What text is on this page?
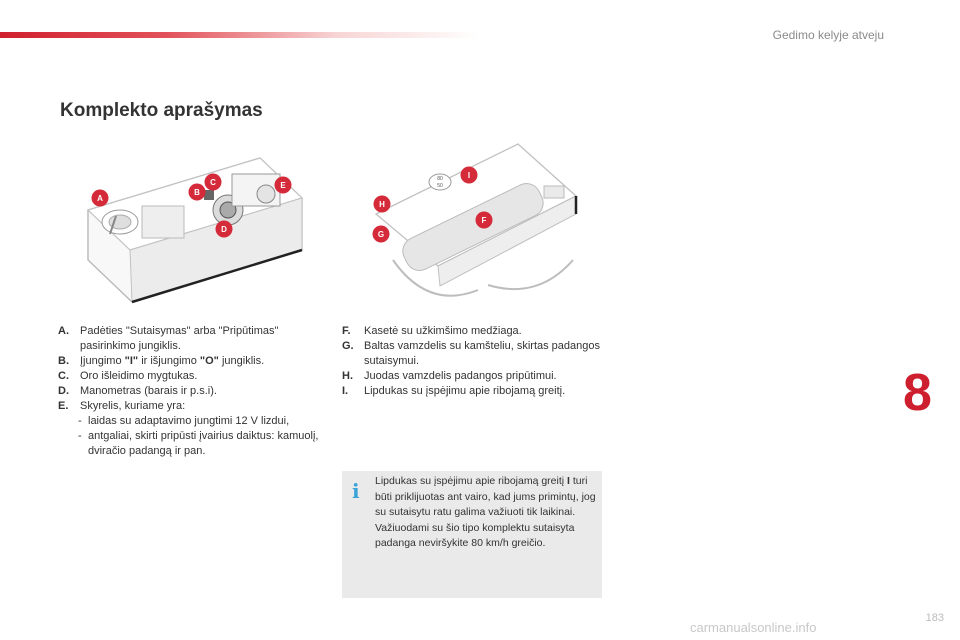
Gedimo kelyje atveju
Komplekto aprašymas
A
B
C
D
E
80
50
I
H
F
G
A. Padėties "Sutaisymas" arba "Pripūtimas" pasirinkimo jungiklis.
B. Įjungimo "I" ir išjungimo "O" jungiklis.
C. Oro išleidimo mygtukas.
D. Manometras (barais ir p.s.i).
E. Skyrelis, kuriame yra:
- laidas su adaptavimo jungtimi 12 V lizdui,
- antgaliai, skirti pripūsti įvairius daiktus: kamuolį, dviračio padangą ir pan.
F. Kasetė su užkimšimo medžiaga.
G. Baltas vamzdelis su kamšteliu, skirtas padangos sutaisymui.
H. Juodas vamzdelis padangos pripūtimui.
I. Lipdukas su įspėjimu apie ribojamą greitį.
i Lipdukas su įspėjimu apie ribojamą greitį I turi būti priklijuotas ant vairo, kad jums primintų, jog su sutaisytu ratu galima važiuoti tik laikinai.
Važiuodami su šio tipo komplektu sutaisyta padanga neviršykite 80 km/h greičio.
8
183
carmanualsonline.info
